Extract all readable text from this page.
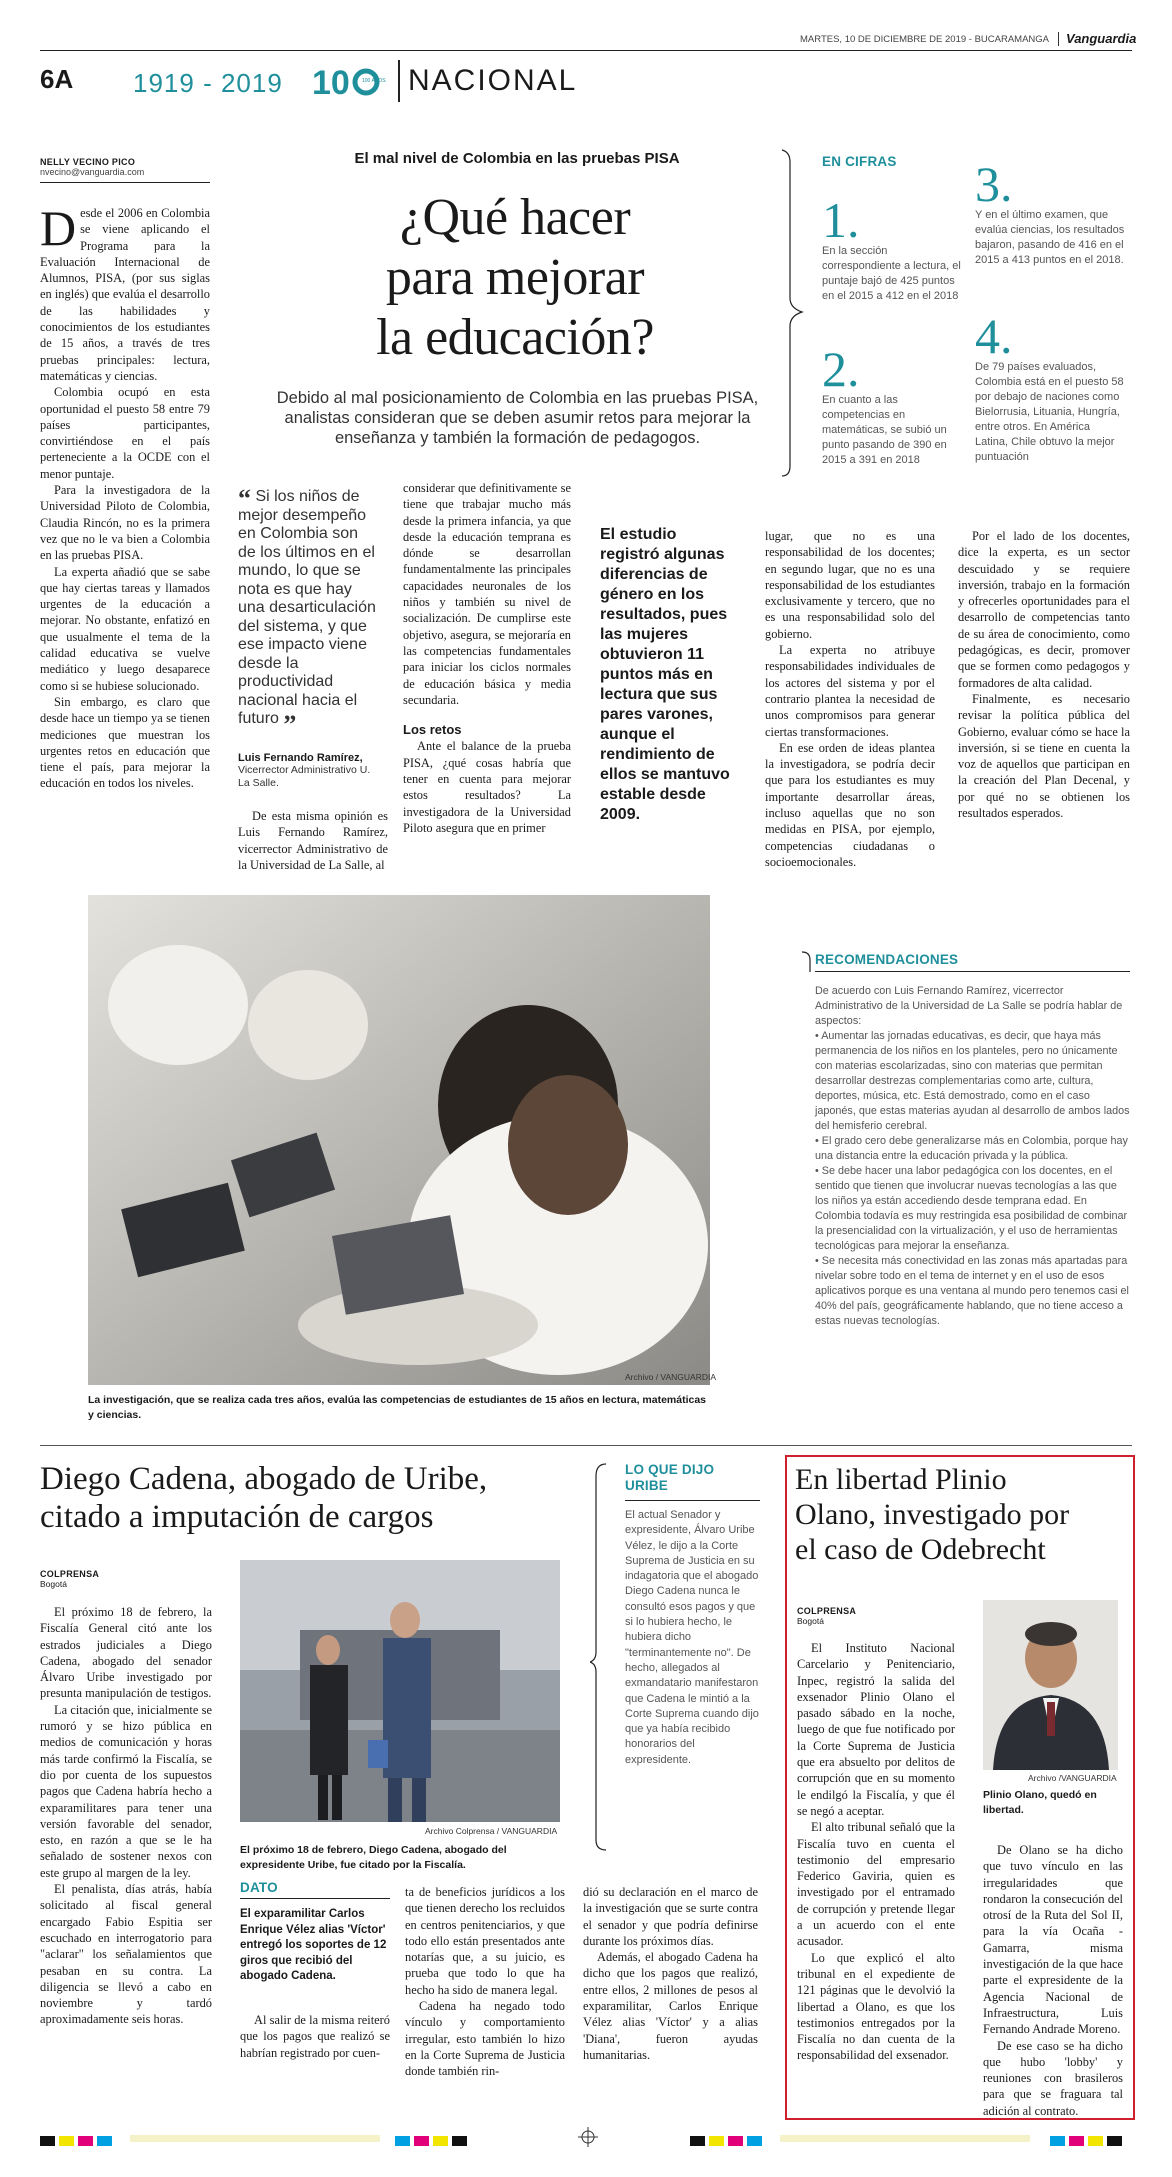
MARTES, 10 DE DICIEMBRE DE 2019 - BUCARAMANGA Vanguardia
6A 1919 - 2019 10 100 AÑOS NACIONAL
NELLY VECINO PICO
nvecino@vanguardia.com
El mal nivel de Colombia en las pruebas PISA
¿Qué hacer
para mejorar
la educación?
Debido al mal posicionamiento de Colombia en las pruebas PISA, analistas consideran que se deben asumir retos para mejorar la enseñanza y también la formación de pedagogos.
Desde el 2006 en Colombia se viene aplicando el Programa para la Evaluación Internacional de Alumnos, PISA, (por sus siglas en inglés) que evalúa el desarrollo de las habilidades y conocimientos de los estudiantes de 15 años, a través de tres pruebas principales: lectura, matemáticas y ciencias.

Colombia ocupó en esta oportunidad el puesto 58 entre 79 países participantes, convirtiéndose en el país perteneciente a la OCDE con el menor puntaje.

Para la investigadora de la Universidad Piloto de Colombia, Claudia Rincón, no es la primera vez que no le va bien a Colombia en las pruebas PISA.

La experta añadió que se sabe que hay ciertas tareas y llamados urgentes de la educación a mejorar. No obstante, enfatizó en que usualmente el tema de la calidad educativa se vuelve mediático y luego desaparece como si se hubiese solucionado.

Sin embargo, es claro que desde hace un tiempo ya se tienen mediciones que muestran los urgentes retos en educación que tiene el país, para mejorar la educación en todos los niveles.

“ Si los niños de mejor desempeño en Colombia son de los últimos en el mundo, lo que se nota es que hay una desarticulación del sistema, y que ese impacto viene desde la productividad nacional hacia el futuro ”
Luis Fernando Ramírez,
Vicerrector Administrativo U. La Salle.

De esta misma opinión es Luis Fernando Ramírez, vicerrector Administrativo de la Universidad de La Salle, al

considerar que definitivamente se tiene que trabajar mucho más desde la primera infancia, ya que desde la educación temprana es dónde se desarrollan fundamentalmente las principales capacidades neuronales de los niños y también su nivel de socialización. De cumplirse este objetivo, asegura, se mejoraría en las competencias fundamentales para iniciar los ciclos normales de educación básica y media secundaria.
Los retos

Ante el balance de la prueba PISA, ¿qué cosas habría que tener en cuenta para mejorar estos resultados? La investigadora de la Universidad Piloto asegura que en primer

El estudio registró algunas diferencias de género en los resultados, pues las mujeres obtuvieron 11 puntos más en lectura que sus pares varones, aunque el rendimiento de ellos se mantuvo estable desde 2009.
lugar, que no es una responsabilidad de los docentes; en segundo lugar, que no es una responsabilidad de los estudiantes exclusivamente y tercero, que no es una responsabilidad solo del gobierno.

La experta no atribuye responsabilidades individuales de los actores del sistema y por el contrario plantea la necesidad de unos compromisos para generar ciertas transformaciones.

En ese orden de ideas plantea la investigadora, se podría decir que para los estudiantes es muy importante desarrollar áreas, incluso aquellas que no son medidas en PISA, por ejemplo, competencias ciudadanas o socioemocionales.

Por el lado de los docentes, dice la experta, es un sector descuidado y se requiere inversión, trabajo en la formación y ofrecerles oportunidades para el desarrollo de competencias tanto de su área de conocimiento, como pedagógicas, es decir, promover que se formen como pedagogos y formadores de alta calidad.

Finalmente, es necesario revisar la política pública del Gobierno, evaluar cómo se hace la inversión, si se tiene en cuenta la voz de aquellos que participan en la creación del Plan Decenal, y por qué no se obtienen los resultados esperados.

EN CIFRAS
1.
En la sección correspondiente a lectura, el puntaje bajó de 425 puntos en el 2015 a 412 en el 2018
2.
En cuanto a las competencias en matemáticas, se subió un punto pasando de 390 en 2015 a 391 en 2018
3.
Y en el último examen, que evalúa ciencias, los resultados bajaron, pasando de 416 en el 2015 a 413 puntos en el 2018.
4.
De 79 países evaluados, Colombia está en el puesto 58 por debajo de naciones como Bielorrusia, Lituania, Hungría, entre otros. En América Latina, Chile obtuvo la mejor puntuación
Archivo / VANGUARDIA
La investigación, que se realiza cada tres años, evalúa las competencias de estudiantes de 15 años en lectura, matemáticas y ciencias.
RECOMENDACIONES
De acuerdo con Luis Fernando Ramírez, vicerrector Administrativo de la Universidad de La Salle se podría hablar de aspectos:
• Aumentar las jornadas educativas, es decir, que haya más permanencia de los niños en los planteles, pero no únicamente con materias escolarizadas, sino con materias que permitan desarrollar destrezas complementarias como arte, cultura, deportes, música, etc. Está demostrado, como en el caso japonés, que estas materias ayudan al desarrollo de ambos lados del hemisferio cerebral.
• El grado cero debe generalizarse más en Colombia, porque hay una distancia entre la educación privada y la pública.
• Se debe hacer una labor pedagógica con los docentes, en el sentido que tienen que involucrar nuevas tecnologías a las que los niños ya están accediendo desde temprana edad. En Colombia todavía es muy restringida esa posibilidad de combinar la presencialidad con la virtualización, y el uso de herramientas tecnológicas para mejorar la enseñanza.
• Se necesita más conectividad en las zonas más apartadas para nivelar sobre todo en el tema de internet y en el uso de esos aplicativos porque es una ventana al mundo pero tenemos casi el 40% del país, geográficamente hablando, que no tiene acceso a estas nuevas tecnologías.
Diego Cadena, abogado de Uribe,
citado a imputación de cargos
COLPRENSA
Bogotá

El próximo 18 de febrero, la Fiscalía General citó ante los estrados judiciales a Diego Cadena, abogado del senador Álvaro Uribe investigado por presunta manipulación de testigos.

La citación que, inicialmente se rumoró y se hizo pública en medios de comunicación y horas más tarde confirmó la Fiscalía, se dio por cuenta de los supuestos pagos que Cadena habría hecho a exparamilitares para tener una versión favorable del senador, esto, en razón a que se le ha señalado de sostener nexos con este grupo al margen de la ley.

El penalista, días atrás, había solicitado al fiscal general encargado Fabio Espitia ser escuchado en interrogatorio para "aclarar" los señalamientos que pesaban en su contra. La diligencia se llevó a cabo en noviembre y tardó aproximadamente seis horas.

Archivo Colprensa / VANGUARDIA
El próximo 18 de febrero, Diego Cadena, abogado del expresidente Uribe, fue citado por la Fiscalía.
DATO
El exparamilitar Carlos Enrique Vélez alias 'Víctor' entregó los soportes de 12 giros que recibió del abogado Cadena.

Al salir de la misma reiteró que los pagos que realizó se habrían registrado por cuen-

ta de beneficios jurídicos a los que tienen derecho los recluidos en centros penitenciarios, y que todo ello están presentados ante notarías que, a su juicio, es prueba que todo lo que ha hecho ha sido de manera legal.

Cadena ha negado todo vínculo y comportamiento irregular, esto también lo hizo en la Corte Suprema de Justicia donde también rin-

dió su declaración en el marco de la investigación que se surte contra el senador y que podría definirse durante los próximos días.

Además, el abogado Cadena ha dicho que los pagos que realizó, entre ellos, 2 millones de pesos al exparamilitar, Carlos Enrique Vélez alias 'Víctor' y a alias 'Diana', fueron ayudas humanitarias.

LO QUE DIJO URIBE
El actual Senador y expresidente, Álvaro Uribe Vélez, le dijo a la Corte Suprema de Justicia en su indagatoria que el abogado Diego Cadena nunca le consultó esos pagos y que si lo hubiera hecho, le hubiera dicho "terminantemente no". De hecho, allegados al exmandatario manifestaron que Cadena le mintió a la Corte Suprema cuando dijo que ya había recibido honorarios del expresidente.
En libertad Plinio
Olano, investigado por
el caso de Odebrecht
COLPRENSA
Bogotá

El Instituto Nacional Carcelario y Penitenciario, Inpec, registró la salida del exsenador Plinio Olano el pasado sábado en la noche, luego de que fue notificado por la Corte Suprema de Justicia que era absuelto por delitos de corrupción que en su momento le endilgó la Fiscalía, y que él se negó a aceptar.

El alto tribunal señaló que la Fiscalía tuvo en cuenta el testimonio del empresario Federico Gaviria, quien es investigado por el entramado de corrupción y pretende llegar a un acuerdo con el ente acusador.

Lo que explicó el alto tribunal en el expediente de 121 páginas que le devolvió la libertad a Olano, es que los testimonios entregados por la Fiscalía no dan cuenta de la responsabilidad del exsenador.

Archivo /VANGUARDIA
Plinio Olano, quedó en libertad.

De Olano se ha dicho que tuvo vínculo en las irregularidades que rondaron la consecución del otrosí de la Ruta del Sol II, para la vía Ocaña - Gamarra, misma investigación de la que hace parte el expresidente de la Agencia Nacional de Infraestructura, Luis Fernando Andrade Moreno.

De ese caso se ha dicho que hubo 'lobby' y reuniones con brasileros para que se fraguara tal adición al contrato.
